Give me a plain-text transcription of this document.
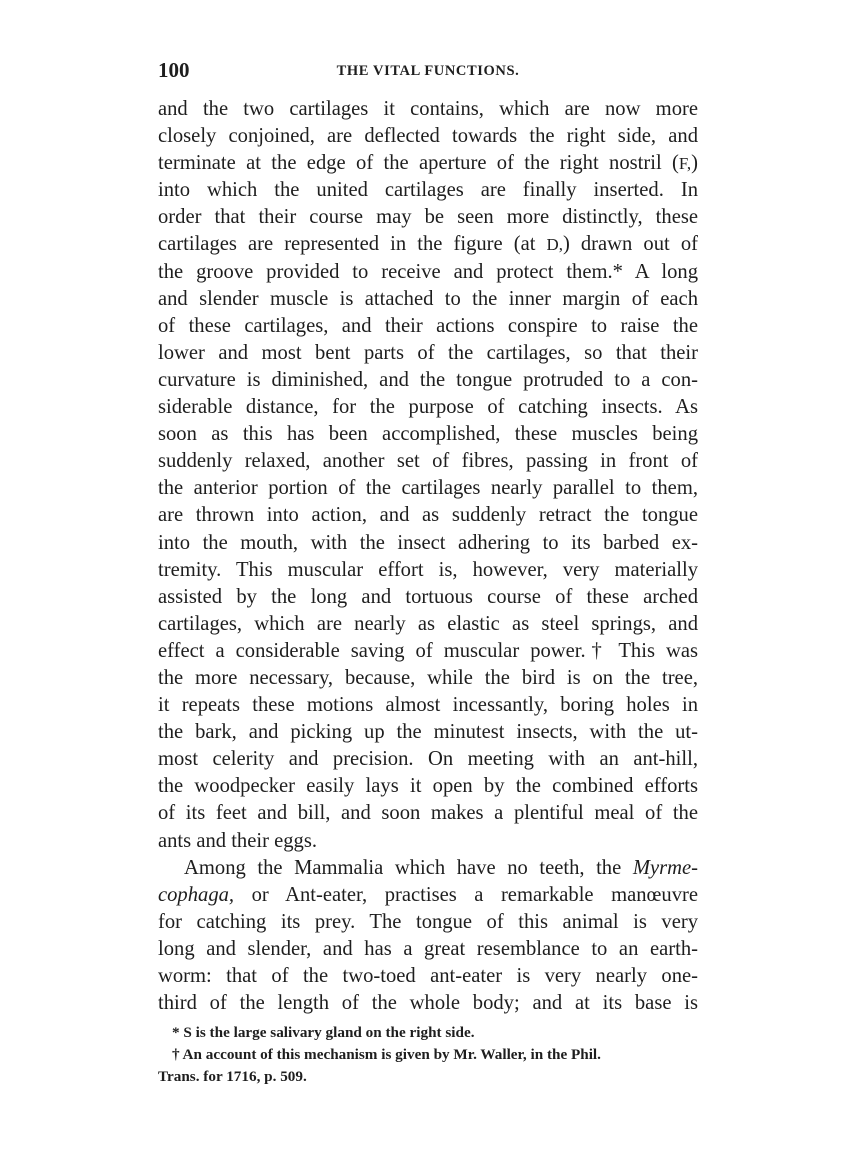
100	THE VITAL FUNCTIONS.
and the two cartilages it contains, which are now more
closely conjoined, are deflected towards the right side, and
terminate at the edge of the aperture of the right nostril (F,)
into which the united cartilages are finally inserted. In
order that their course may be seen more distinctly, these
cartilages are represented in the figure (at D,) drawn out of
the groove provided to receive and protect them.* A long
and slender muscle is attached to the inner margin of each
of these cartilages, and their actions conspire to raise the
lower and most bent parts of the cartilages, so that their
curvature is diminished, and the tongue protruded to a con-
siderable distance, for the purpose of catching insects. As
soon as this has been accomplished, these muscles being
suddenly relaxed, another set of fibres, passing in front of
the anterior portion of the cartilages nearly parallel to them,
are thrown into action, and as suddenly retract the tongue
into the mouth, with the insect adhering to its barbed ex-
tremity. This muscular effort is, however, very materially
assisted by the long and tortuous course of these arched
cartilages, which are nearly as elastic as steel springs, and
effect a considerable saving of muscular power.† This was
the more necessary, because, while the bird is on the tree,
it repeats these motions almost incessantly, boring holes in
the bark, and picking up the minutest insects, with the ut-
most celerity and precision. On meeting with an ant-hill,
the woodpecker easily lays it open by the combined efforts
of its feet and bill, and soon makes a plentiful meal of the
ants and their eggs.
Among the Mammalia which have no teeth, the Myrme-
cophaga, or Ant-eater, practises a remarkable manœuvre
for catching its prey. The tongue of this animal is very
long and slender, and has a great resemblance to an earth-
worm: that of the two-toed ant-eater is very nearly one-
third of the length of the whole body; and at its base is
* S is the large salivary gland on the right side.
† An account of this mechanism is given by Mr. Waller, in the Phil.
Trans. for 1716, p. 509.
